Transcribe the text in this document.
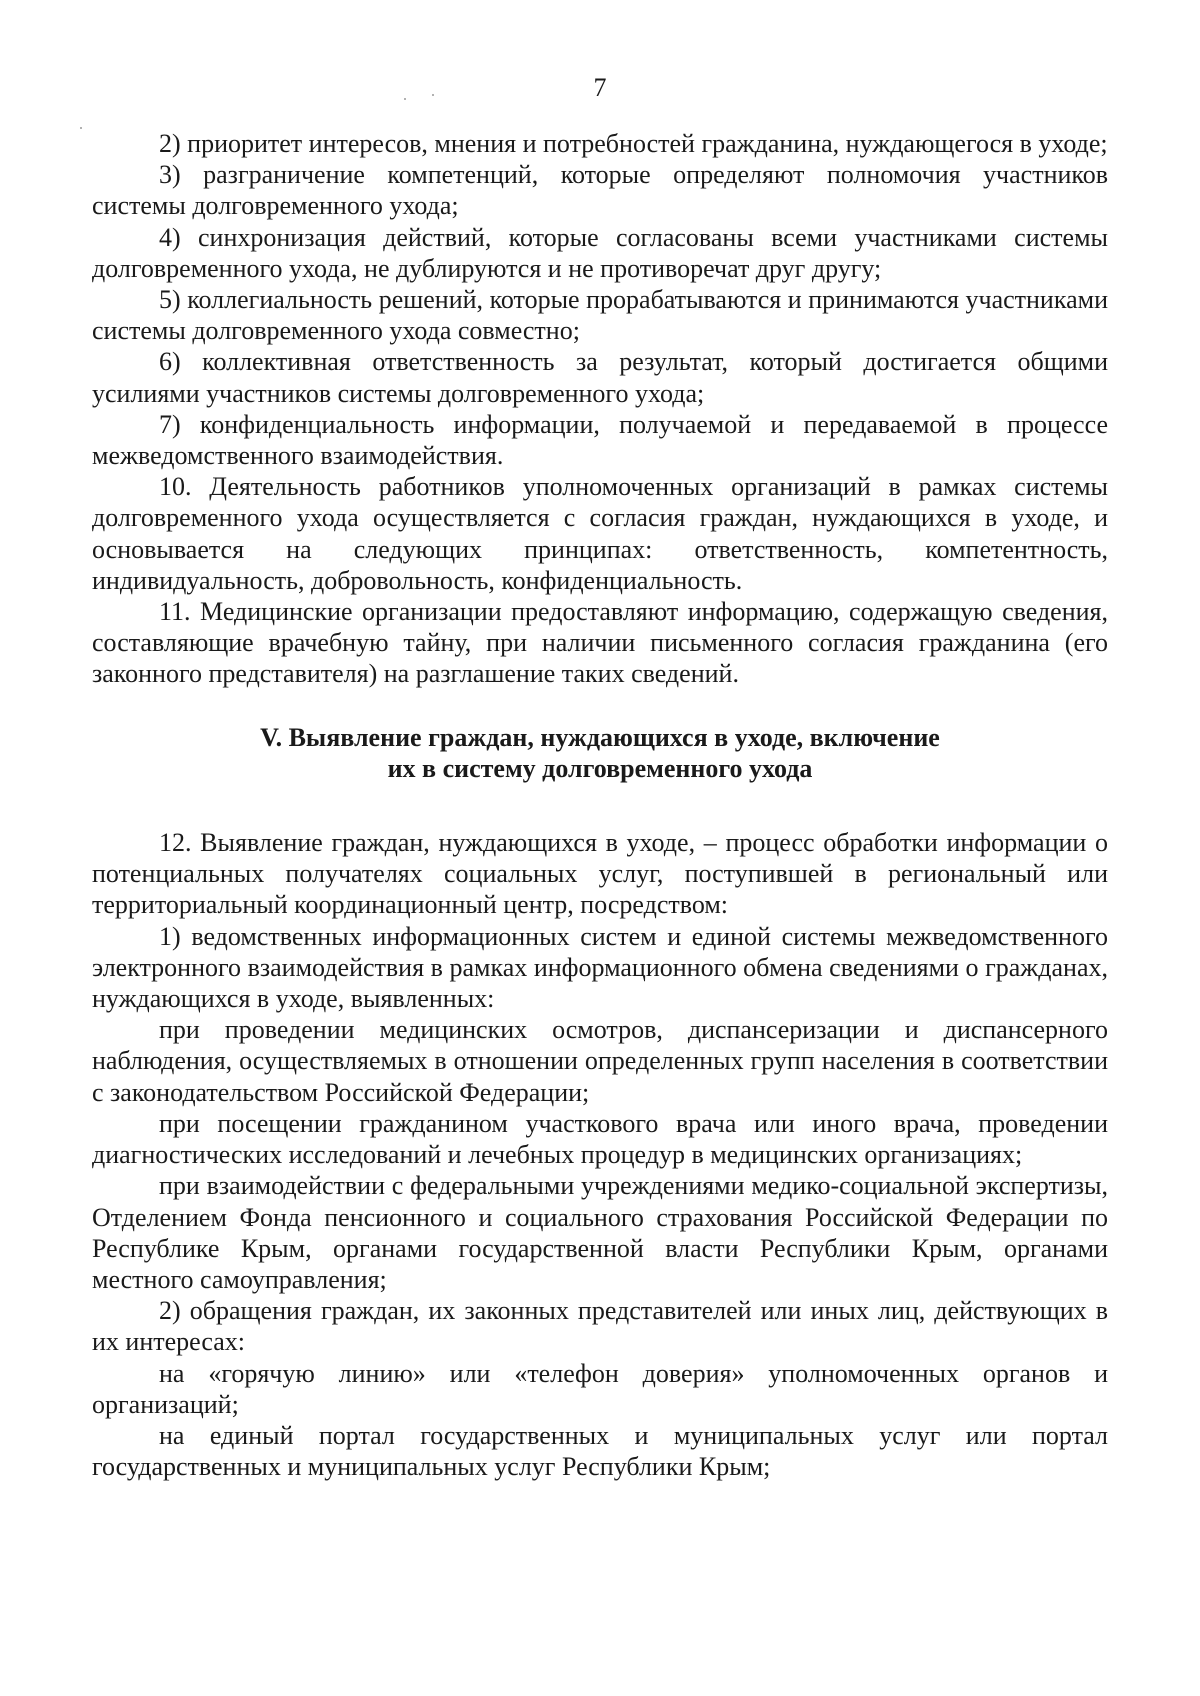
7

2) приоритет интересов, мнения и потребностей гражданина, нуждающегося в уходе;

3) разграничение компетенций, которые определяют полномочия участников системы долговременного ухода;

4) синхронизация действий, которые согласованы всеми участниками системы долговременного ухода, не дублируются и не противоречат друг другу;

5) коллегиальность решений, которые прорабатываются и принимаются участниками системы долговременного ухода совместно;

6) коллективная ответственность за результат, который достигается общими усилиями участников системы долговременного ухода;

7) конфиденциальность информации, получаемой и передаваемой в процессе межведомственного взаимодействия.

10. Деятельность работников уполномоченных организаций в рамках системы долговременного ухода осуществляется с согласия граждан, нуждающихся в уходе, и основывается на следующих принципах: ответственность, компетентность, индивидуальность, добровольность, конфиденциальность.

11. Медицинские организации предоставляют информацию, содержащую сведения, составляющие врачебную тайну, при наличии письменного согласия гражданина (его законного представителя) на разглашение таких сведений.

V. Выявление граждан, нуждающихся в уходе, включение
их в систему долговременного ухода

12. Выявление граждан, нуждающихся в уходе, – процесс обработки информации о потенциальных получателях социальных услуг, поступившей в региональный или территориальный координационный центр, посредством:

1) ведомственных информационных систем и единой системы межведомственного электронного взаимодействия в рамках информационного обмена сведениями о гражданах, нуждающихся в уходе, выявленных:

при проведении медицинских осмотров, диспансеризации и диспансерного наблюдения, осуществляемых в отношении определенных групп населения в соответствии с законодательством Российской Федерации;

при посещении гражданином участкового врача или иного врача, проведении диагностических исследований и лечебных процедур в медицинских организациях;

при взаимодействии с федеральными учреждениями медико-социальной экспертизы, Отделением Фонда пенсионного и социального страхования Российской Федерации по Республике Крым, органами государственной власти Республики Крым, органами местного самоуправления;

2) обращения граждан, их законных представителей или иных лиц, действующих в их интересах:

на «горячую линию» или «телефон доверия» уполномоченных органов и организаций;

на единый портал государственных и муниципальных услуг или портал государственных и муниципальных услуг Республики Крым;
